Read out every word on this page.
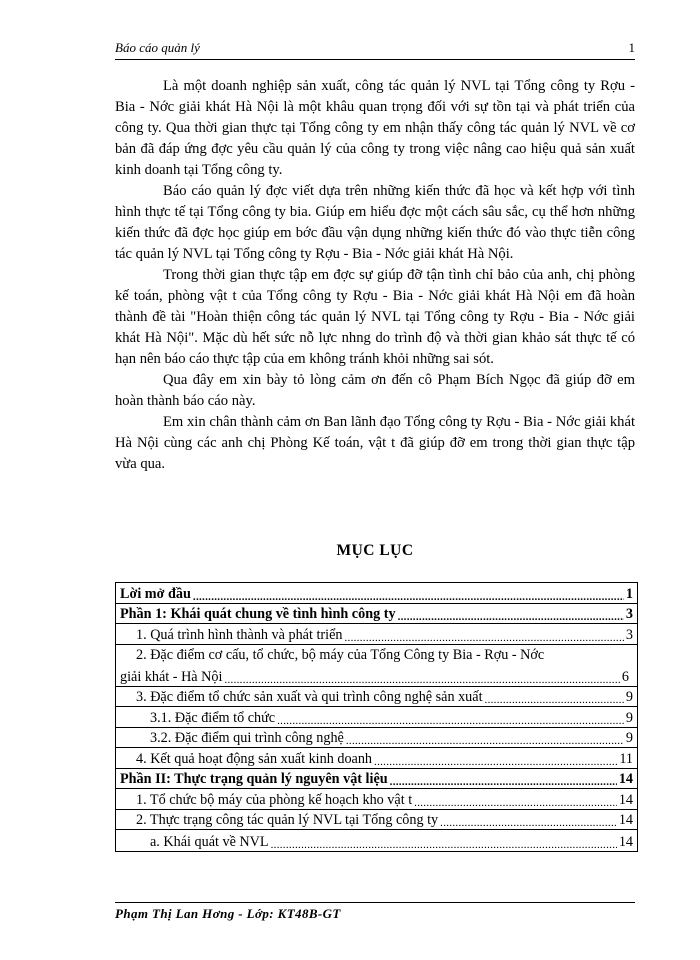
Báo cáo quản lý	1

Là một doanh nghiệp sản xuất, công tác quản lý NVL tại Tổng công ty Rợu - Bia - Nớc giải khát Hà Nội là một khâu quan trọng đối với sự tồn tại và phát triển của công ty. Qua thời gian thực tại Tổng công ty em nhận thấy công tác quản lý NVL về cơ bản đã đáp ứng đợc yêu cầu quản lý của công ty trong việc nâng cao hiệu quả sản xuất kinh doanh tại Tổng công ty.

Báo cáo quản lý đợc viết dựa trên những kiến thức đã học và kết hợp với tình hình thực tế tại Tổng công ty bia. Giúp em hiểu đợc một cách sâu sắc, cụ thể hơn những kiến thức đã đợc học giúp em bớc đầu vận dụng những kiến thức đó vào thực tiễn công tác quản lý NVL tại Tổng công ty Rợu - Bia - Nớc giải khát Hà Nội.

Trong thời gian thực tập em đợc sự giúp đỡ tận tình chỉ bảo của anh, chị phòng kế toán, phòng vật t của Tổng công ty Rợu - Bia - Nớc giải khát Hà Nội em đã hoàn thành đề tài "Hoàn thiện công tác quản lý NVL tại Tổng công ty Rợu - Bia - Nớc giải khát Hà Nội". Mặc dù hết sức nỗ lực nhng do trình độ và thời gian khảo sát thực tế có hạn nên báo cáo thực tập của em không tránh khỏi những sai sót.

Qua đây em xin bày tỏ lòng cảm ơn đến cô Phạm Bích Ngọc đã giúp đỡ em hoàn thành báo cáo này.

Em xin chân thành cảm ơn Ban lãnh đạo Tổng công ty Rợu - Bia - Nớc giải khát Hà Nội cùng các anh chị Phòng Kế toán, vật t đã giúp đỡ em trong thời gian thực tập vừa qua.

MỤC LỤC
Lời mở đầu .....	1
Phần 1: Khái quát chung về tình hình công ty .....	3
1. Quá trình hình thành và phát triển .....	3
2. Đặc điểm cơ cấu, tổ chức, bộ máy của Tổng Công ty Bia - Rợu - Nớc
giải khát - Hà Nội .....	6
3. Đặc điểm tổ chức sản xuất và qui trình công nghệ sản xuất .....	9
3.1. Đặc điểm tổ chức .....	9
3.2. Đặc điểm qui trình công nghệ .....	9
4. Kết quả hoạt động sản xuất kinh doanh .....	11
Phần II: Thực trạng quản lý nguyên vật liệu .....	14
1. Tổ chức bộ máy của phòng kế hoạch kho vật t .....	14
2. Thực trạng công tác quản lý NVL tại Tổng công ty .....	14
a. Khái quát về NVL .....	14
Phạm Thị Lan Hơng - Lớp: KT48B-GT
